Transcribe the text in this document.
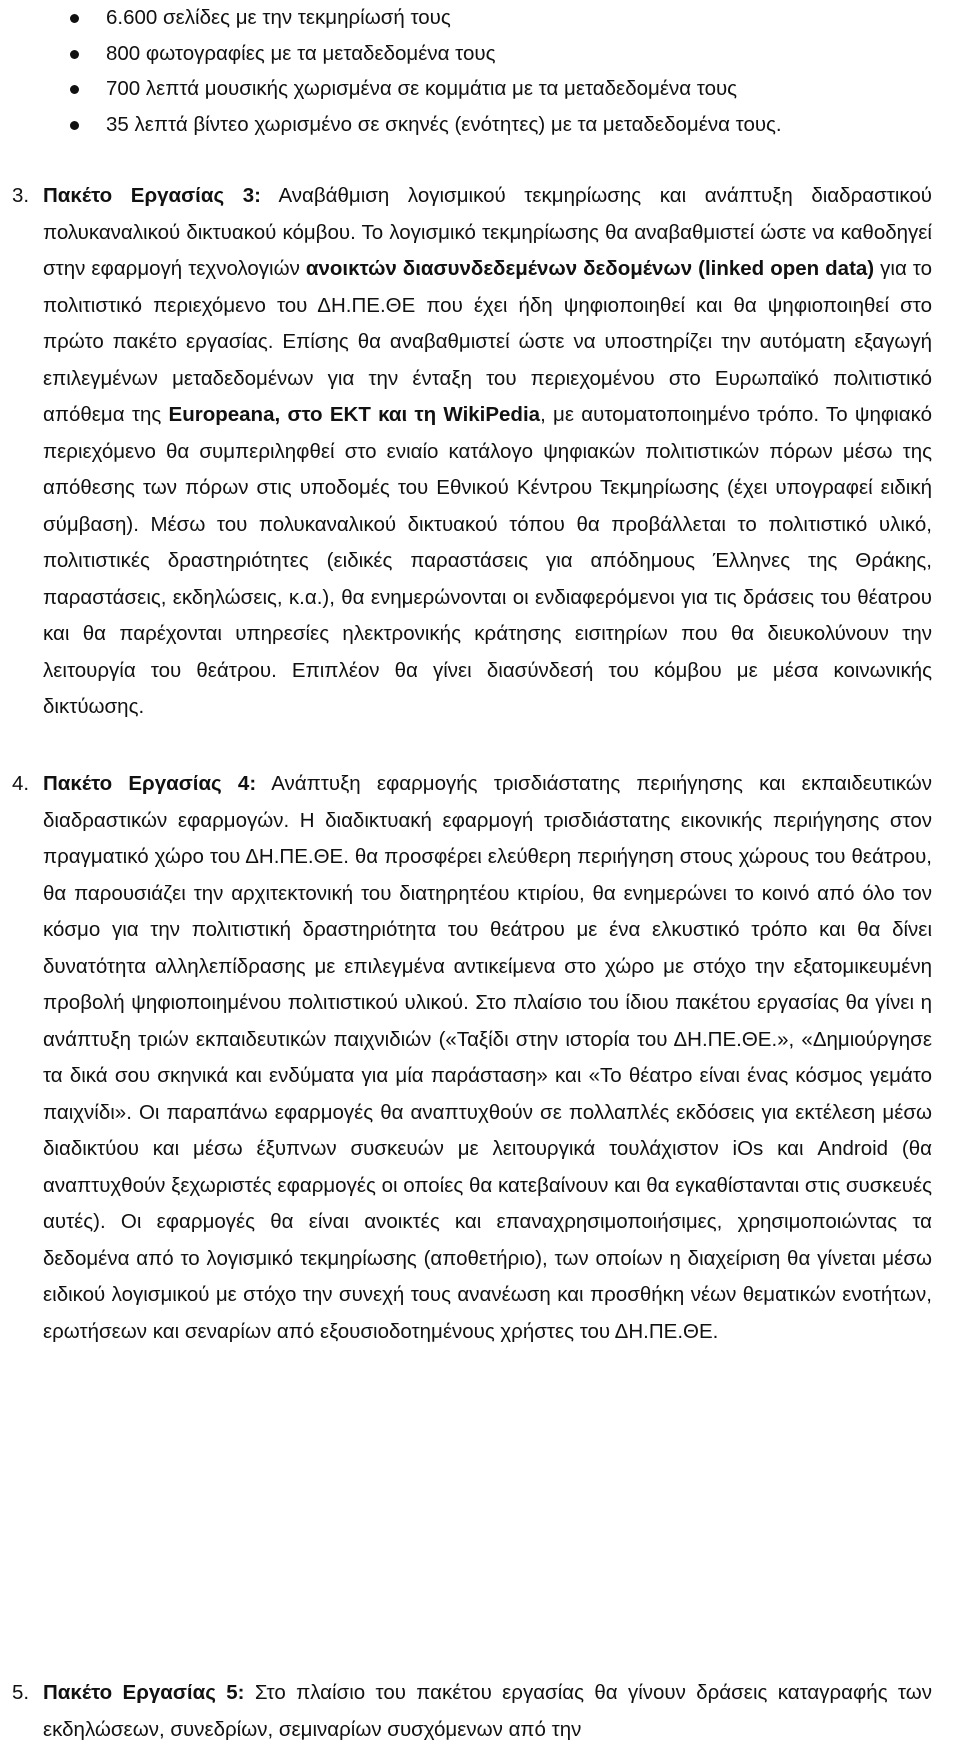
6.600 σελίδες με την τεκμηρίωσή τους
800 φωτογραφίες με τα μεταδεδομένα τους
700 λεπτά μουσικής χωρισμένα σε κομμάτια με τα μεταδεδομένα τους
35 λεπτά βίντεο χωρισμένο σε σκηνές (ενότητες) με τα μεταδεδομένα τους.
3. Πακέτο Εργασίας 3: Αναβάθμιση λογισμικού τεκμηρίωσης και ανάπτυξη διαδραστικού πολυκαναλικού δικτυακού κόμβου. Το λογισμικό τεκμηρίωσης θα αναβαθμιστεί ώστε να καθοδηγεί στην εφαρμογή τεχνολογιών ανοικτών διασυνδεδεμένων δεδομένων (linked open data) για το πολιτιστικό περιεχόμενο του ΔΗ.ΠΕ.ΘΕ που έχει ήδη ψηφιοποιηθεί και θα ψηφιοποιηθεί στο πρώτο πακέτο εργασίας. Επίσης θα αναβαθμιστεί ώστε να υποστηρίζει την αυτόματη εξαγωγή επιλεγμένων μεταδεδομένων για την ένταξη του περιεχομένου στο Ευρωπαϊκό πολιτιστικό απόθεμα της Europeana, στο ΕΚΤ και τη WikiPedia, με αυτοματοποιημένο τρόπο. Το ψηφιακό περιεχόμενο θα συμπεριληφθεί στο ενιαίο κατάλογο ψηφιακών πολιτιστικών πόρων μέσω της απόθεσης των πόρων στις υποδομές του Εθνικού Κέντρου Τεκμηρίωσης (έχει υπογραφεί ειδική σύμβαση). Μέσω του πολυκαναλικού δικτυακού τόπου θα προβάλλεται το πολιτιστικό υλικό, πολιτιστικές δραστηριότητες (ειδικές παραστάσεις για απόδημους Έλληνες της Θράκης, παραστάσεις, εκδηλώσεις, κ.α.), θα ενημερώνονται οι ενδιαφερόμενοι για τις δράσεις του θέατρου και θα παρέχονται υπηρεσίες ηλεκτρονικής κράτησης εισιτηρίων που θα διευκολύνουν την λειτουργία του θεάτρου. Επιπλέον θα γίνει διασύνδεσή του κόμβου με μέσα κοινωνικής δικτύωσης.
4. Πακέτο Εργασίας 4: Ανάπτυξη εφαρμογής τρισδιάστατης περιήγησης και εκπαιδευτικών διαδραστικών εφαρμογών. Η διαδικτυακή εφαρμογή τρισδιάστατης εικονικής περιήγησης στον πραγματικό χώρο του ΔΗ.ΠΕ.ΘΕ. θα προσφέρει ελεύθερη περιήγηση στους χώρους του θεάτρου, θα παρουσιάζει την αρχιτεκτονική του διατηρητέου κτιρίου, θα ενημερώνει το κοινό από όλο τον κόσμο για την πολιτιστική δραστηριότητα του θεάτρου με ένα ελκυστικό τρόπο και θα δίνει δυνατότητα αλληλεπίδρασης με επιλεγμένα αντικείμενα στο χώρο με στόχο την εξατομικευμένη προβολή ψηφιοποιημένου πολιτιστικού υλικού. Στο πλαίσιο του ίδιου πακέτου εργασίας θα γίνει η ανάπτυξη τριών εκπαιδευτικών παιχνιδιών («Ταξίδι στην ιστορία του ΔΗ.ΠΕ.ΘΕ.», «Δημιούργησε τα δικά σου σκηνικά και ενδύματα για μία παράσταση» και «Το θέατρο είναι ένας κόσμος γεμάτο παιχνίδι». Οι παραπάνω εφαρμογές θα αναπτυχθούν σε πολλαπλές εκδόσεις για εκτέλεση μέσω διαδικτύου και μέσω έξυπνων συσκευών με λειτουργικά τουλάχιστον iOs και Android (θα αναπτυχθούν ξεχωριστές εφαρμογές οι οποίες θα κατεβαίνουν και θα εγκαθίστανται στις συσκευές αυτές). Οι εφαρμογές θα είναι ανοικτές και επαναχρησιμοποιήσιμες, χρησιμοποιώντας τα δεδομένα από το λογισμικό τεκμηρίωσης (αποθετήριο), των οποίων η διαχείριση θα γίνεται μέσω ειδικού λογισμικού με στόχο την συνεχή τους ανανέωση και προσθήκη νέων θεματικών ενοτήτων, ερωτήσεων και σεναρίων από εξουσιοδοτημένους χρήστες του ΔΗ.ΠΕ.ΘΕ.
5. Πακέτο Εργασίας 5: Στο πλαίσιο του πακέτου εργασίας θα γίνουν δράσεις καταγραφής των εκδηλώσεων, συνεδρίων, σεμιναρίων συσχόμενων από την
